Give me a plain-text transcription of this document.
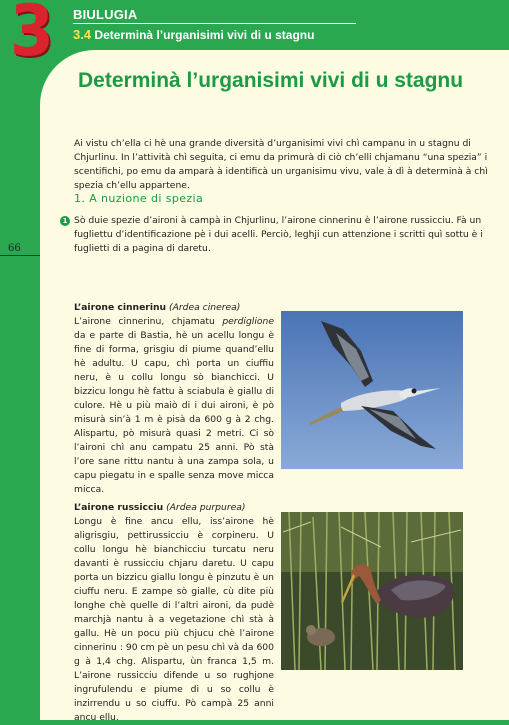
3 BIULUGIA
3.4 Determinà l’urganisimi vivi di u stagnu
Determinà l’urganisimi vivi di u stagnu
Ai vistu ch’ella ci hè una grande diversità d’urganisimi vivi chì campanu in u stagnu di Chjurlinu. In l’attività chì seguita, ci emu da primurà di ciò ch’elli chjamanu “una spezia” i scentifichi, po emu da amparà à identificà un urganisimu vivu, vale à dì à determinà à chì spezia ch’ellu appartene.
1. A nuzione di spezia
1 Sò duie spezie d’aironi à campà in Chjurlinu, l’airone cinnerinu è l’airone russicciu. Fà un fugliettu d’identificazione pè i dui acelli. Perciò, leghji cun attenzione i scritti quì sottu è i fuglietti di a pagina di daretu.
66
L’airone cinnerinu (Ardea cinerea)
L’airone cinnerinu, chjamatu perdiglione da e parte di Bastia, hè un acellu longu è fine di forma, grisgiu di piume quand’ellu hè adultu. U capu, chì porta un ciuffiu neru, è u collu longu sò bianchicci. U bizzicu longu hè fattu à sciabula è giallu di culore. Hè u più maiò di i dui aironi, è pò misurà sin’à 1 m è pisà da 600 g à 2 chg. Alispartu, pò misurà quasi 2 metri. Ci sò l’aironi chì anu campatu 25 anni. Pò stà l’ore sane rittu nantu à una zampa sola, u capu piegatu in e spalle senza move micca micca.
L’airone russicciu (Ardea purpurea)
Longu è fine ancu ellu, iss’airone hè aligrisgiu, pettirussicciu è corpineru. U collu longu hè bianchicciu turcatu neru davanti è russicciu chjaru daretu. U capu porta un bizzicu giallu longu è pinzutu è un ciuffu neru. E zampe sò gialle, cù dite più longhe chè quelle di l’altri aironi, da pudè marchjà nantu à a vegetazione chì stà à gallu. Hè un pocu più chjucu chè l’airone cinnerinu : 90 cm pè un pesu chì và da 600 g à 1,4 chg. Alispartu, ùn franca 1,5 m. L’airone russicciu difende u so rughjone ingrufulendu e piume di u so collu è inzirrendu u so ciuffu. Pò campà 25 anni ancu ellu.
